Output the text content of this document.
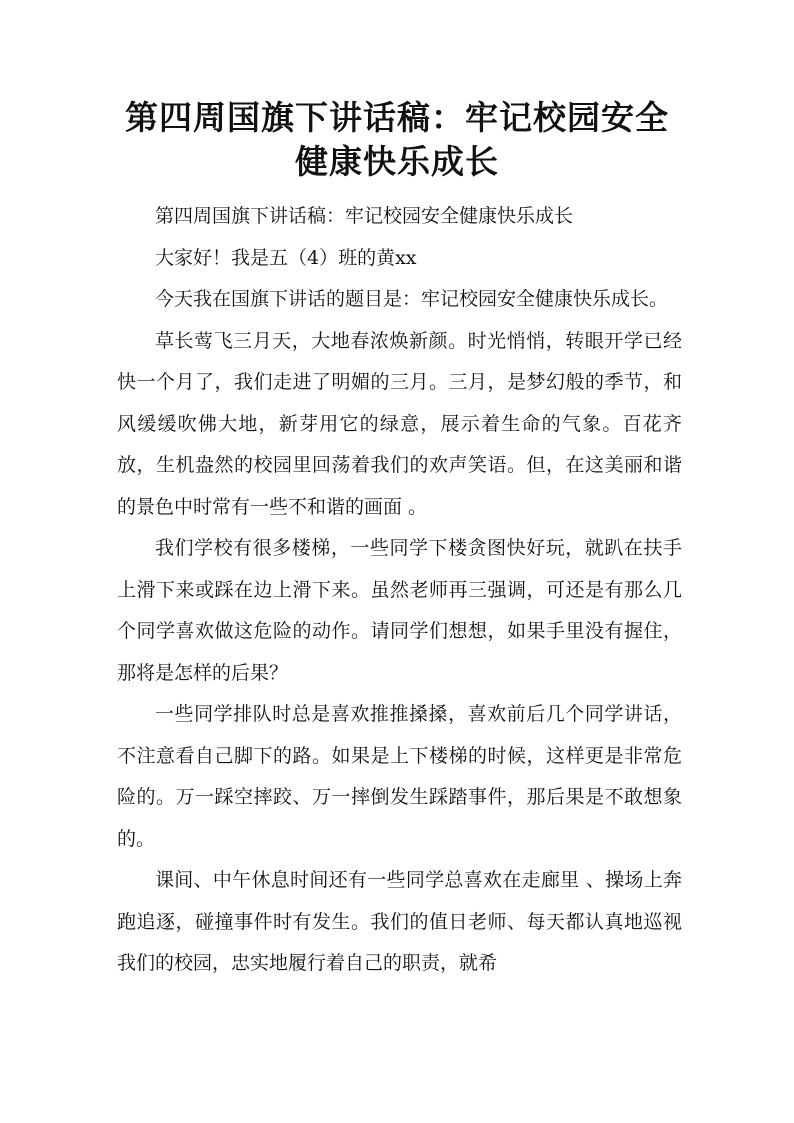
第四周国旗下讲话稿：牢记校园安全
健康快乐成长

第四周国旗下讲话稿：牢记校园安全健康快乐成长

大家好！我是五（4）班的黄xx

今天我在国旗下讲话的题目是：牢记校园安全健康快乐成长。

草长莺飞三月天，大地春浓焕新颜。时光悄悄，转眼开学已经快一个月了，我们走进了明媚的三月。三月，是梦幻般的季节，和风缓缓吹佛大地，新芽用它的绿意，展示着生命的气象。百花齐放，生机盎然的校园里回荡着我们的欢声笑语。但，在这美丽和谐的景色中时常有一些不和谐的画面 。

我们学校有很多楼梯，一些同学下楼贪图快好玩，就趴在扶手上滑下来或踩在边上滑下来。虽然老师再三强调，可还是有那么几个同学喜欢做这危险的动作。请同学们想想，如果手里没有握住，那将是怎样的后果？

一些同学排队时总是喜欢推推搡搡，喜欢前后几个同学讲话，不注意看自己脚下的路。如果是上下楼梯的时候，这样更是非常危险的。万一踩空摔跤、万一摔倒发生踩踏事件，那后果是不敢想象的。

课间、中午休息时间还有一些同学总喜欢在走廊里 、操场上奔跑追逐，碰撞事件时有发生。我们的值日老师、每天都认真地巡视我们的校园，忠实地履行着自己的职责，就希
